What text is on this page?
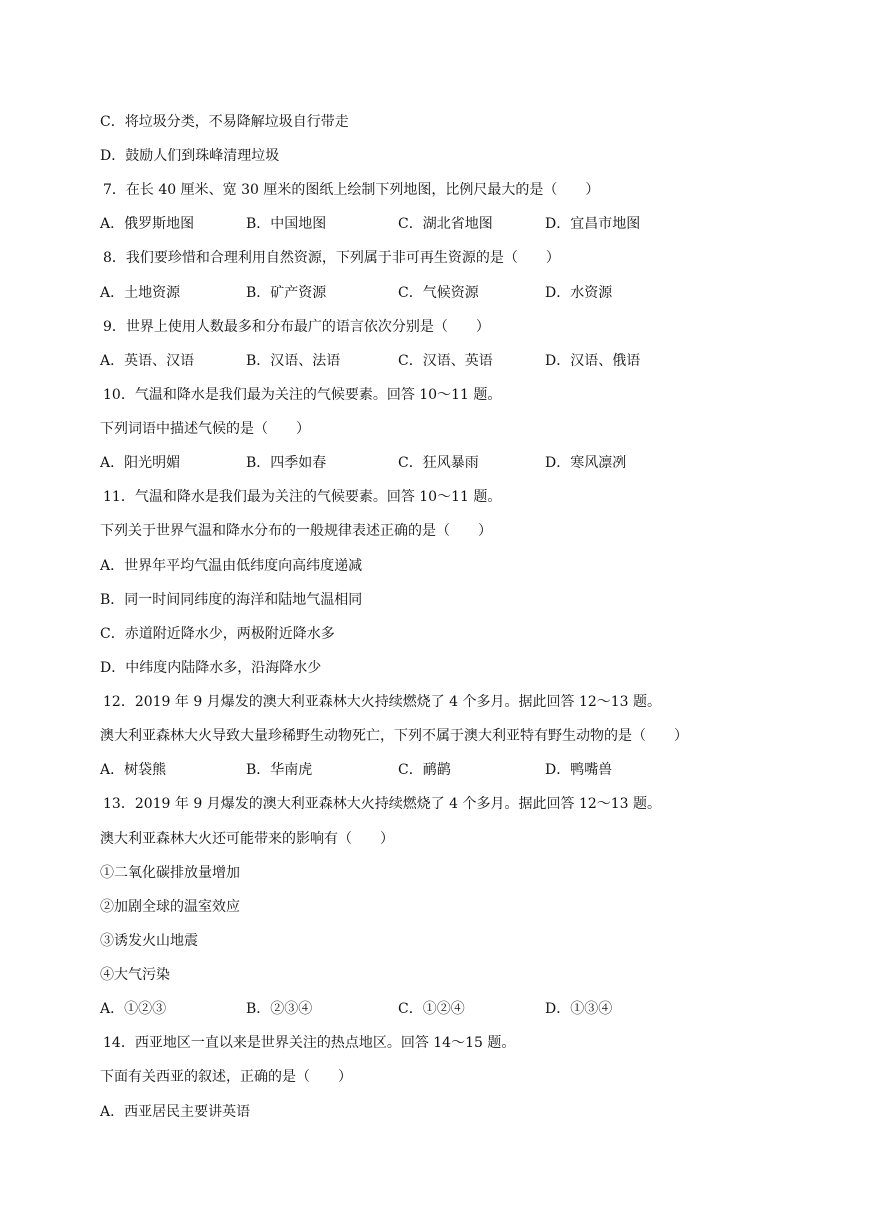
C．将垃圾分类，不易降解垃圾自行带走
D．鼓励人们到珠峰清理垃圾
7．在长 40 厘米、宽 30 厘米的图纸上绘制下列地图，比例尺最大的是（　　）
A．俄罗斯地图	B．中国地图	C．湖北省地图	D．宜昌市地图
8．我们要珍惜和合理利用自然资源，下列属于非可再生资源的是（　　）
A．土地资源	B．矿产资源	C．气候资源	D．水资源
9．世界上使用人数最多和分布最广的语言依次分别是（　　）
A．英语、汉语	B．汉语、法语	C．汉语、英语	D．汉语、俄语
10．气温和降水是我们最为关注的气候要素。回答 10～11 题。
下列词语中描述气候的是（　　）
A．阳光明媚	B．四季如春	C．狂风暴雨	D．寒风凛冽
11．气温和降水是我们最为关注的气候要素。回答 10～11 题。
下列关于世界气温和降水分布的一般规律表述正确的是（　　）
A．世界年平均气温由低纬度向高纬度递减
B．同一时间同纬度的海洋和陆地气温相同
C．赤道附近降水少，两极附近降水多
D．中纬度内陆降水多，沿海降水少
12．2019 年 9 月爆发的澳大利亚森林大火持续燃烧了 4 个多月。据此回答 12～13 题。
澳大利亚森林大火导致大量珍稀野生动物死亡，下列不属于澳大利亚特有野生动物的是（　　）
A．树袋熊	B．华南虎	C．鸸鹋	D．鸭嘴兽
13．2019 年 9 月爆发的澳大利亚森林大火持续燃烧了 4 个多月。据此回答 12～13 题。
澳大利亚森林大火还可能带来的影响有（　　）
①二氧化碳排放量增加
②加剧全球的温室效应
③诱发火山地震
④大气污染
A．①②③	B．②③④	C．①②④	D．①③④
14．西亚地区一直以来是世界关注的热点地区。回答 14～15 题。
下面有关西亚的叙述，正确的是（　　）
A．西亚居民主要讲英语
